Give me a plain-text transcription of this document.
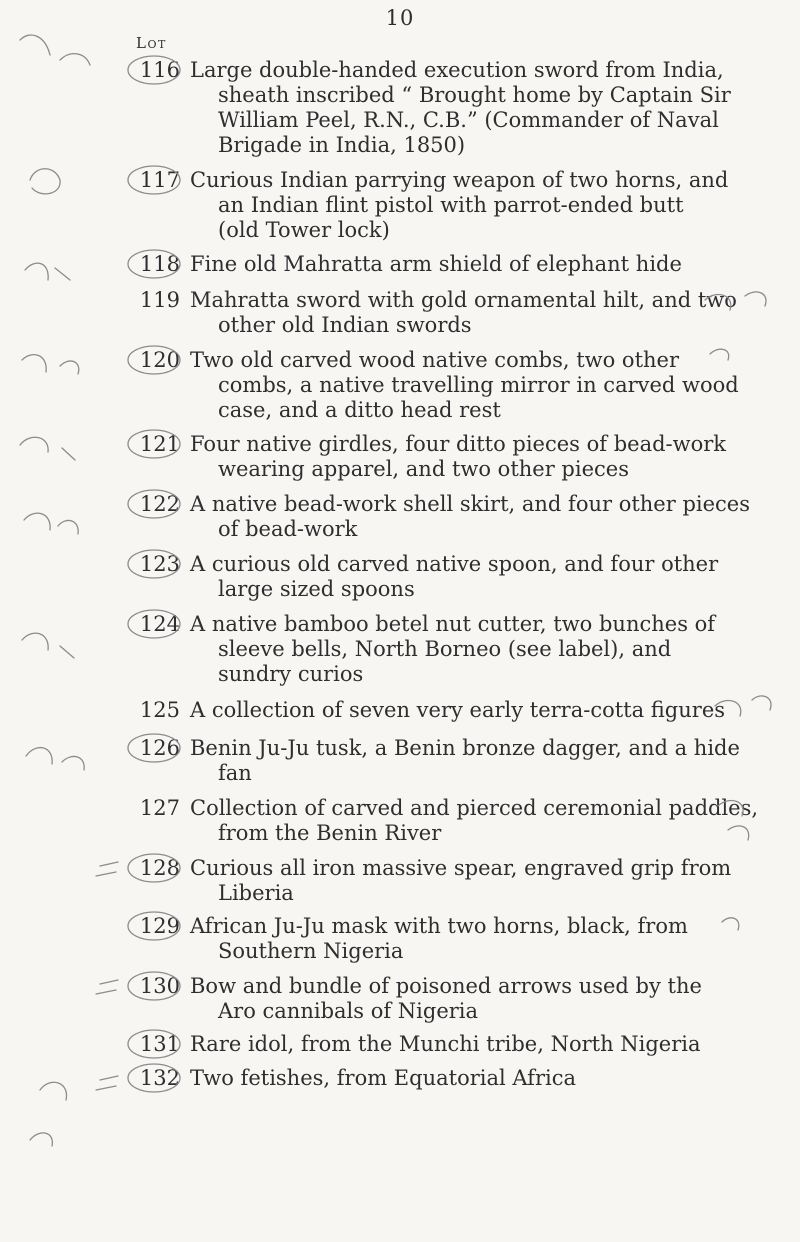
10
Lot
116 Large double-handed execution sword from India,
sheath inscribed “ Brought home by Captain Sir
William Peel, R.N., C.B.” (Commander of Naval
Brigade in India, 1850)
117 Curious Indian parrying weapon of two horns, and
an Indian flint pistol with parrot-ended butt
(old Tower lock)
118 Fine old Mahratta arm shield of elephant hide
119 Mahratta sword with gold ornamental hilt, and two
other old Indian swords
120 Two old carved wood native combs, two other
combs, a native travelling mirror in carved wood
case, and a ditto head rest
121 Four native girdles, four ditto pieces of bead-work
wearing apparel, and two other pieces
122 A native bead-work shell skirt, and four other pieces
of bead-work
123 A curious old carved native spoon, and four other
large sized spoons
124 A native bamboo betel nut cutter, two bunches of
sleeve bells, North Borneo (see label), and
sundry curios
125 A collection of seven very early terra-cotta figures
126 Benin Ju-Ju tusk, a Benin bronze dagger, and a hide
fan
127 Collection of carved and pierced ceremonial paddles,
from the Benin River
128 Curious all iron massive spear, engraved grip from
Liberia
129 African Ju-Ju mask with two horns, black, from
Southern Nigeria
130 Bow and bundle of poisoned arrows used by the
Aro cannibals of Nigeria
131 Rare idol, from the Munchi tribe, North Nigeria
132 Two fetishes, from Equatorial Africa
